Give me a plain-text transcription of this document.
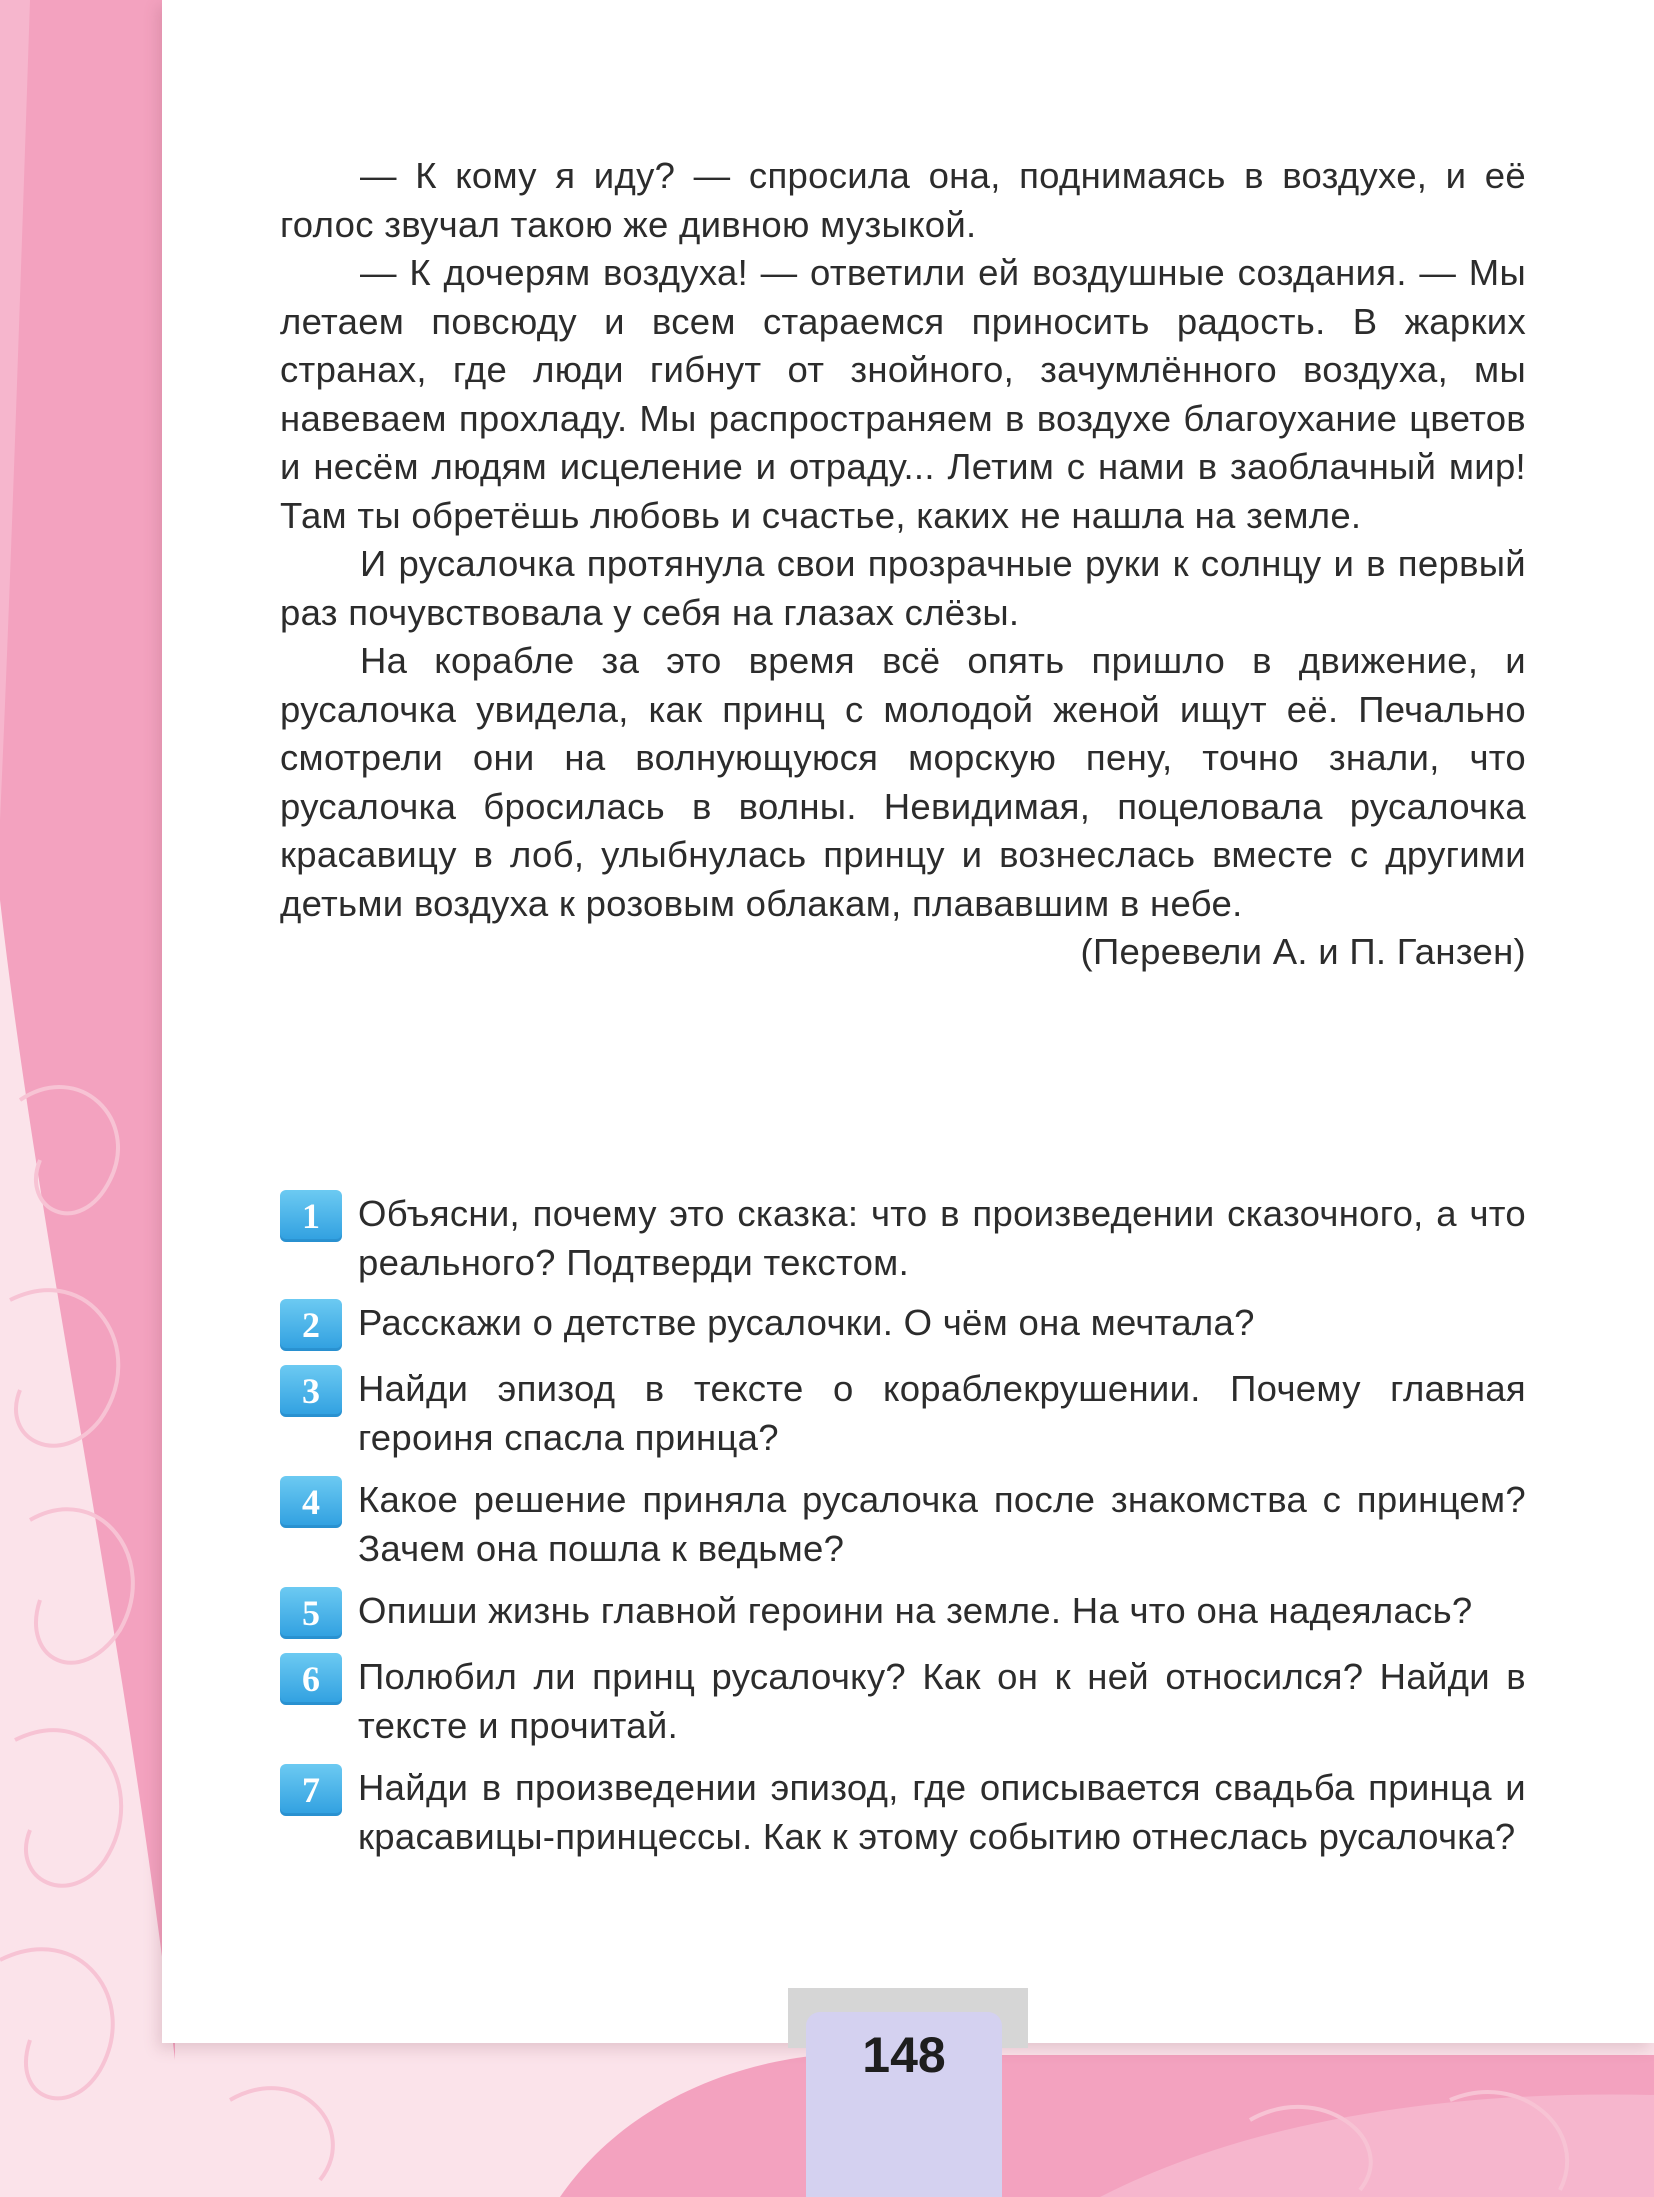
— К кому я иду? — спросила она, поднимаясь в воздухе, и её голос звучал такою же дивною музыкой.

— К дочерям воздуха! — ответили ей воздушные создания. — Мы летаем повсюду и всем стараемся приносить радость. В жарких странах, где люди гибнут от знойного, зачумлённого воздуха, мы навеваем прохладу. Мы распространяем в воздухе благоухание цветов и несём людям исцеление и отраду... Летим с нами в заоблачный мир! Там ты обретёшь любовь и счастье, каких не нашла на земле.

И русалочка протянула свои прозрачные руки к солнцу и в первый раз почувствовала у себя на глазах слёзы.

На корабле за это время всё опять пришло в движение, и русалочка увидела, как принц с молодой женой ищут её. Печально смотрели они на волнующуюся морскую пену, точно знали, что русалочка бросилась в волны. Невидимая, поцеловала русалочка красавицу в лоб, улыбнулась принцу и вознеслась вместе с другими детьми воздуха к розовым облакам, плававшим в небе.

(Перевели А. и П. Ганзен)

1	Объясни, почему это сказка: что в произведении сказочного, а что реального? Подтверди текстом.
2	Расскажи о детстве русалочки. О чём она мечтала?
3	Найди эпизод в тексте о кораблекрушении. Почему главная героиня спасла принца?
4	Какое решение приняла русалочка после знакомства с принцем? Зачем она пошла к ведьме?
5	Опиши жизнь главной героини на земле. На что она надеялась?
6	Полюбил ли принц русалочку? Как он к ней относился? Найди в тексте и прочитай.
7	Найди в произведении эпизод, где описывается свадьба принца и красавицы-принцессы. Как к этому событию отнеслась русалочка?
148
